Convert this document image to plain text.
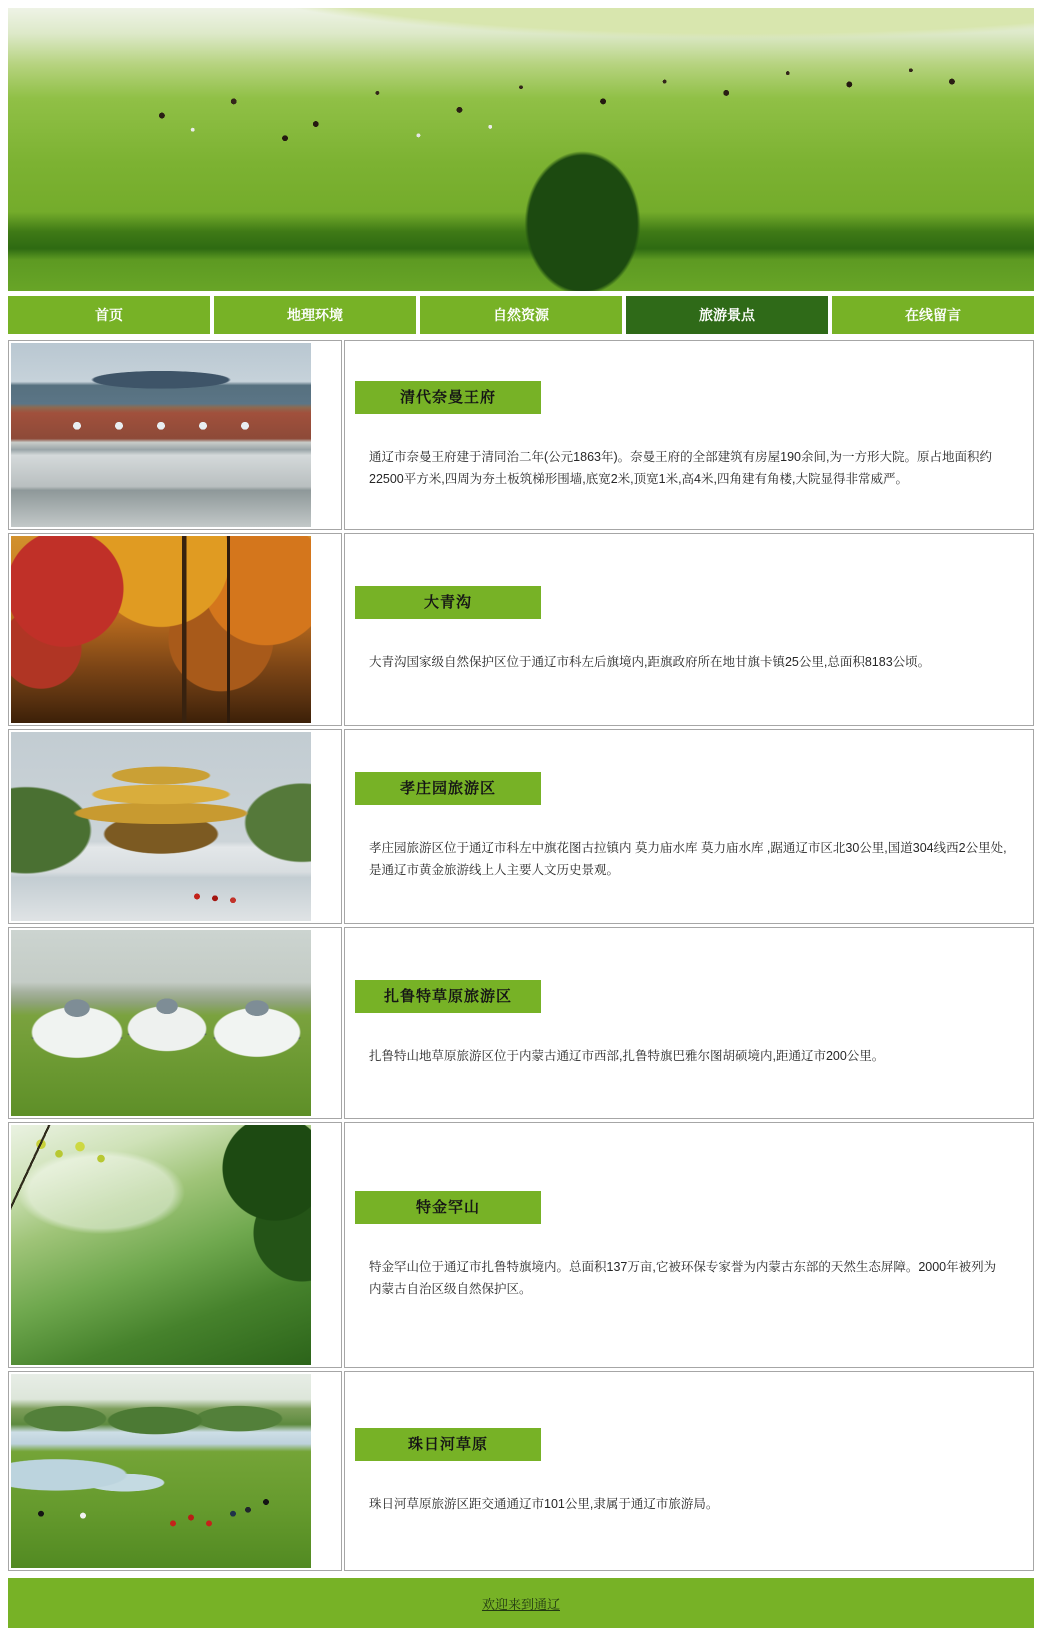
首页	地理环境	自然资源	旅游景点	在线留言
清代奈曼王府

通辽市奈曼王府建于清同治二年(公元1863年)。奈曼王府的全部建筑有房屋190余间,为一方形大院。原占地面积约22500平方米,四周为夯土板筑梯形围墙,底宽2米,顶宽1米,高4米,四角建有角楼,大院显得非常威严。

大青沟

大青沟国家级自然保护区位于通辽市科左后旗境内,距旗政府所在地甘旗卡镇25公里,总面积8183公顷。

孝庄园旅游区

孝庄园旅游区位于通辽市科左中旗花图古拉镇内 莫力庙水库 莫力庙水库 ,踞通辽市区北30公里,国道304线西2公里处,是通辽市黄金旅游线上人主要人文历史景观。

扎鲁特草原旅游区

扎鲁特山地草原旅游区位于内蒙古通辽市西部,扎鲁特旗巴雅尔图胡硕境内,距通辽市200公里。

特金罕山

特金罕山位于通辽市扎鲁特旗境内。总面积137万亩,它被环保专家誉为内蒙古东部的天然生态屏障。2000年被列为内蒙古自治区级自然保护区。

珠日河草原

珠日河草原旅游区距交通通辽市101公里,隶属于通辽市旅游局。

欢迎来到通辽
